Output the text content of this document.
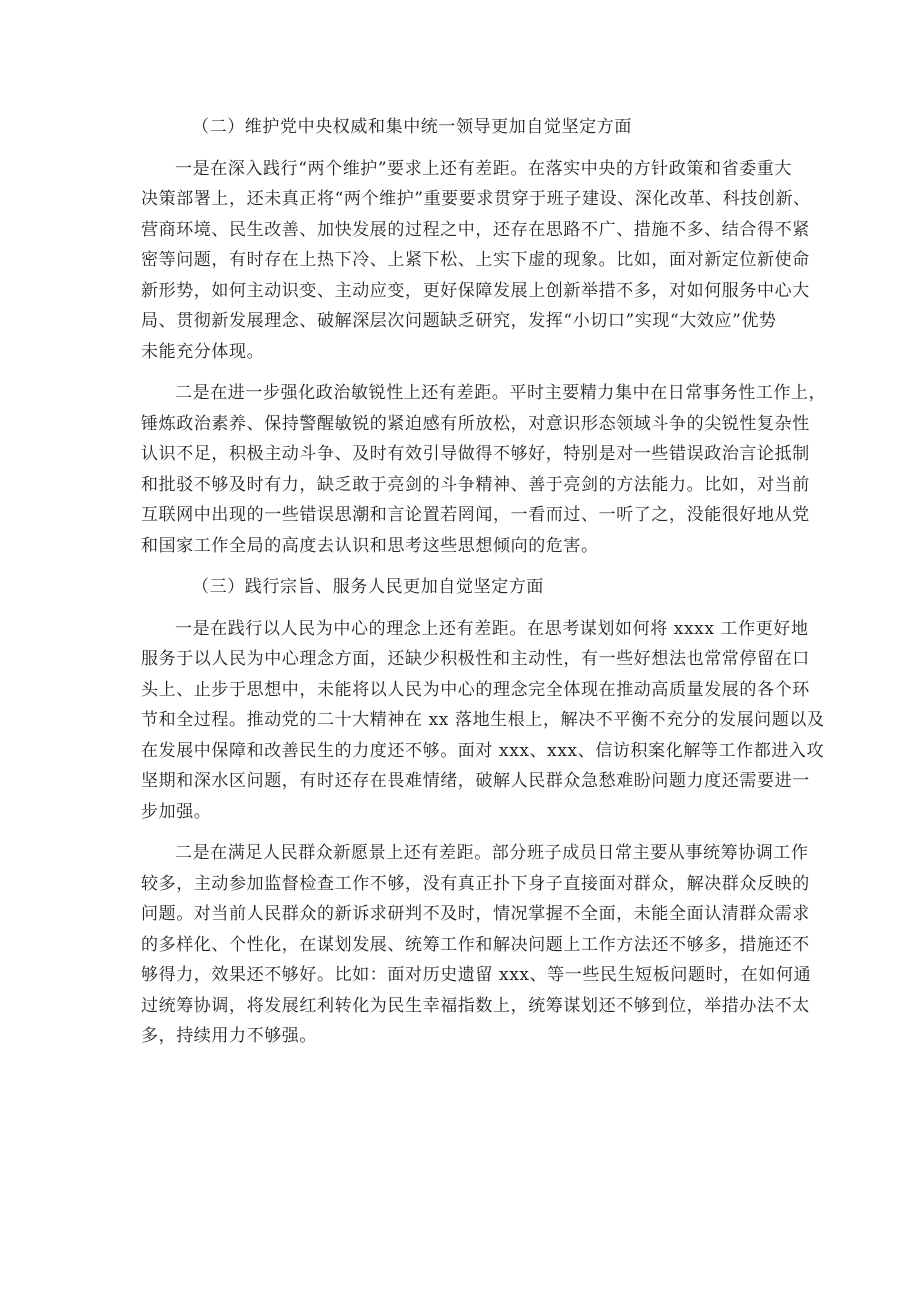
（二）维护党中央权威和集中统一领导更加自觉坚定方面
一是在深入践行“两个维护”要求上还有差距。在落实中央的方针政策和省委重大
决策部署上，还未真正将“两个维护”重要要求贯穿于班子建设、深化改革、科技创新、
营商环境、民生改善、加快发展的过程之中，还存在思路不广、措施不多、结合得不紧
密等问题，有时存在上热下冷、上紧下松、上实下虚的现象。比如，面对新定位新使命
新形势，如何主动识变、主动应变，更好保障发展上创新举措不多，对如何服务中心大
局、贯彻新发展理念、破解深层次问题缺乏研究，发挥“小切口”实现“大效应”优势
未能充分体现。
二是在进一步强化政治敏锐性上还有差距。平时主要精力集中在日常事务性工作上，
锤炼政治素养、保持警醒敏锐的紧迫感有所放松，对意识形态领域斗争的尖锐性复杂性
认识不足，积极主动斗争、及时有效引导做得不够好，特别是对一些错误政治言论抵制
和批驳不够及时有力，缺乏敢于亮剑的斗争精神、善于亮剑的方法能力。比如，对当前
互联网中出现的一些错误思潮和言论置若罔闻，一看而过、一听了之，没能很好地从党
和国家工作全局的高度去认识和思考这些思想倾向的危害。
（三）践行宗旨、服务人民更加自觉坚定方面
一是在践行以人民为中心的理念上还有差距。在思考谋划如何将 xxxx 工作更好地
服务于以人民为中心理念方面，还缺少积极性和主动性，有一些好想法也常常停留在口
头上、止步于思想中，未能将以人民为中心的理念完全体现在推动高质量发展的各个环
节和全过程。推动党的二十大精神在 xx 落地生根上，解决不平衡不充分的发展问题以及
在发展中保障和改善民生的力度还不够。面对 xxx、xxx、信访积案化解等工作都进入攻
坚期和深水区问题，有时还存在畏难情绪，破解人民群众急愁难盼问题力度还需要进一
步加强。
二是在满足人民群众新愿景上还有差距。部分班子成员日常主要从事统筹协调工作
较多，主动参加监督检查工作不够，没有真正扑下身子直接面对群众，解决群众反映的
问题。对当前人民群众的新诉求研判不及时，情况掌握不全面，未能全面认清群众需求
的多样化、个性化，在谋划发展、统筹工作和解决问题上工作方法还不够多，措施还不
够得力，效果还不够好。比如：面对历史遗留 xxx、等一些民生短板问题时，在如何通
过统筹协调，将发展红利转化为民生幸福指数上，统筹谋划还不够到位，举措办法不太
多，持续用力不够强。
